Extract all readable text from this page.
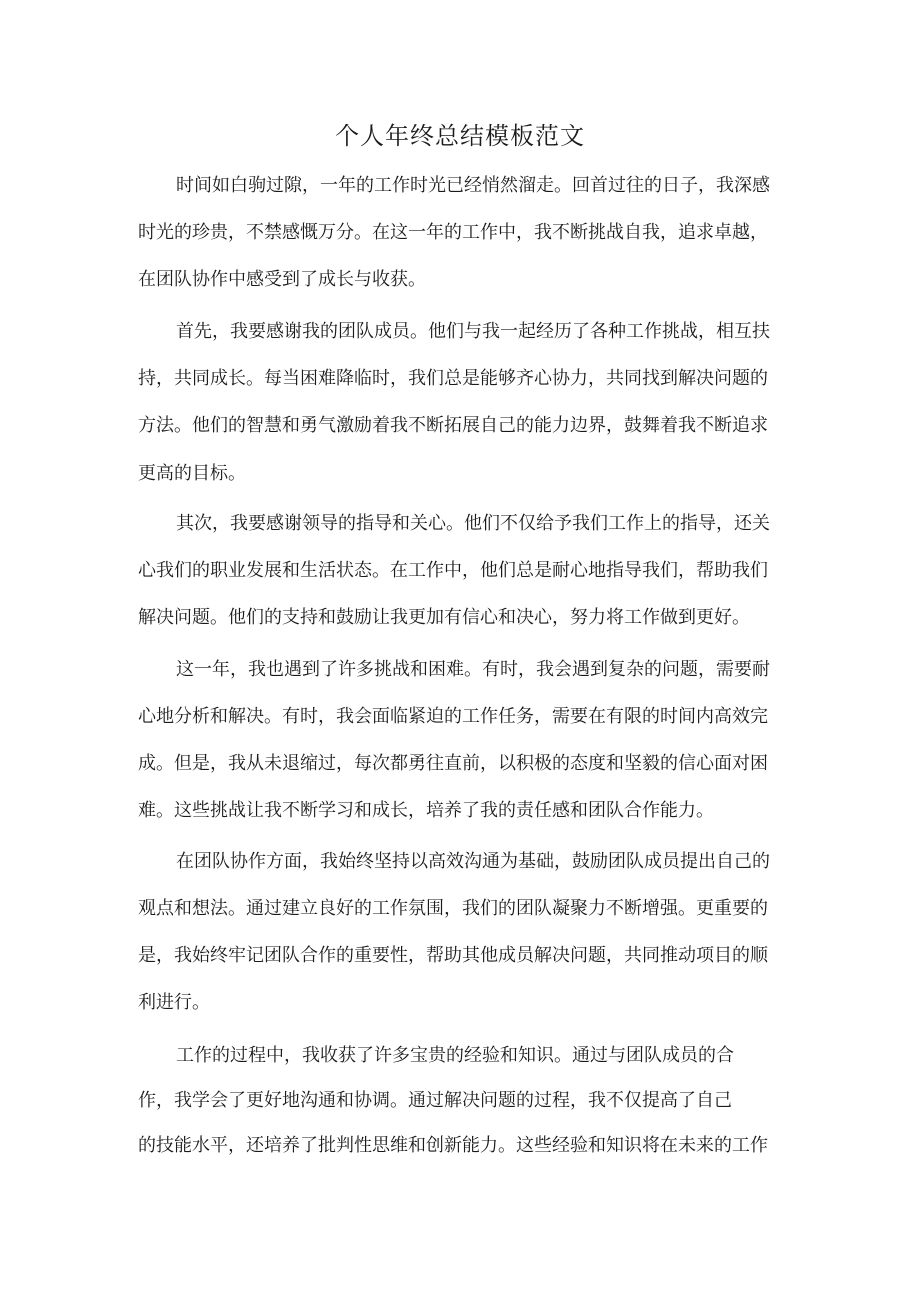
个人年终总结模板范文
时间如白驹过隙，一年的工作时光已经悄然溜走。回首过往的日子，我深感
时光的珍贵，不禁感慨万分。在这一年的工作中，我不断挑战自我，追求卓越，
在团队协作中感受到了成长与收获。
首先，我要感谢我的团队成员。他们与我一起经历了各种工作挑战，相互扶
持，共同成长。每当困难降临时，我们总是能够齐心协力，共同找到解决问题的
方法。他们的智慧和勇气激励着我不断拓展自己的能力边界，鼓舞着我不断追求
更高的目标。
其次，我要感谢领导的指导和关心。他们不仅给予我们工作上的指导，还关
心我们的职业发展和生活状态。在工作中，他们总是耐心地指导我们，帮助我们
解决问题。他们的支持和鼓励让我更加有信心和决心，努力将工作做到更好。
这一年，我也遇到了许多挑战和困难。有时，我会遇到复杂的问题，需要耐
心地分析和解决。有时，我会面临紧迫的工作任务，需要在有限的时间内高效完
成。但是，我从未退缩过，每次都勇往直前，以积极的态度和坚毅的信心面对困
难。这些挑战让我不断学习和成长，培养了我的责任感和团队合作能力。
在团队协作方面，我始终坚持以高效沟通为基础，鼓励团队成员提出自己的
观点和想法。通过建立良好的工作氛围，我们的团队凝聚力不断增强。更重要的
是，我始终牢记团队合作的重要性，帮助其他成员解决问题，共同推动项目的顺
利进行。
工作的过程中，我收获了许多宝贵的经验和知识。通过与团队成员的合
作，我学会了更好地沟通和协调。通过解决问题的过程，我不仅提高了自己
的技能水平，还培养了批判性思维和创新能力。这些经验和知识将在未来的工作
